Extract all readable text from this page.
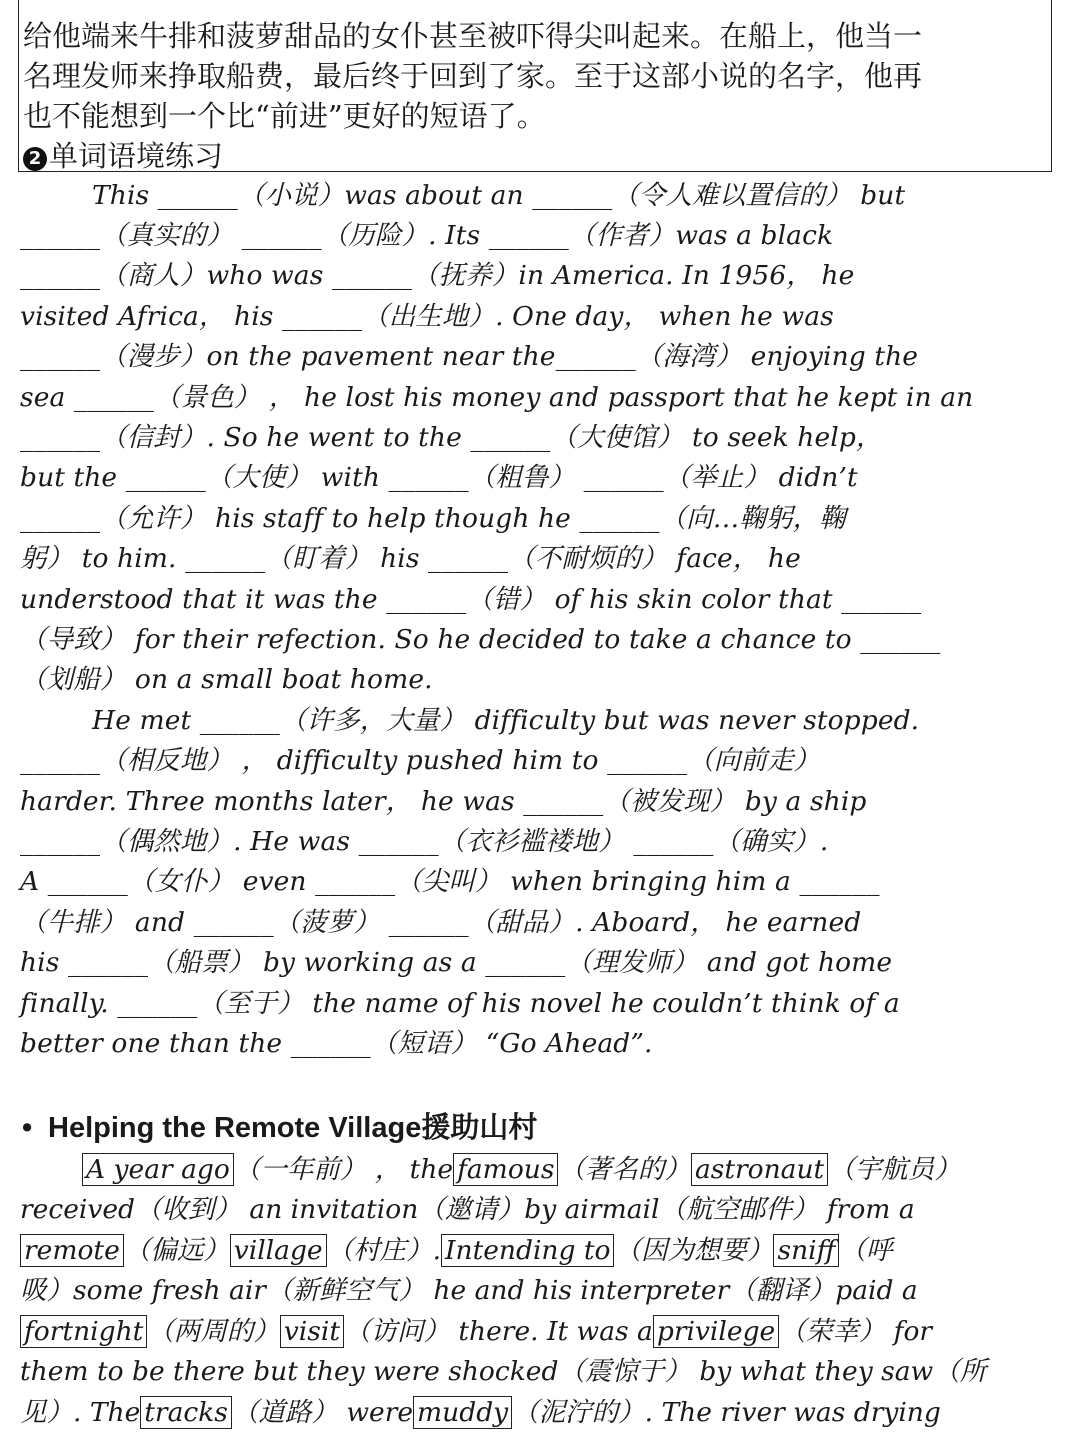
给他端来牛排和菠萝甜品的女仆甚至被吓得尖叫起来。在船上，他当一
名理发师来挣取船费，最后终于回到了家。至于这部小说的名字，他再
也不能想到一个比“前进”更好的短语了。
2 单词语境练习
This ______（小说）was about an ______（令人难以置信的） but
______（真实的） ______（历险）. Its ______（作者）was a black
______（商人）who was ______（抚养）in America. In 1956， he
visited Africa， his ______（出生地）. One day， when he was
______（漫步）on the pavement near the______（海湾） enjoying the
sea ______（景色） ， he lost his money and passport that he kept in an
______（信封）. So he went to the ______（大使馆） to seek help，
but the ______（大使） with ______（粗鲁） ______（举止） didn’t
______（允许） his staff to help though he ______（向…鞠躬，鞠
躬） to him. ______（盯着） his ______（不耐烦的） face， he
understood that it was the ______（错） of his skin color that ______
（导致） for their refection. So he decided to take a chance to ______
（划船） on a small boat home.
He met ______（许多，大量） difficulty but was never stopped.
______（相反地） ， difficulty pushed him to ______（向前走）
harder. Three months later， he was ______（被发现） by a ship
______（偶然地）. He was ______（衣衫褴褛地） ______（确实）.
A ______（女仆） even ______（尖叫） when bringing him a ______
（牛排） and ______（菠萝） ______（甜品）. Aboard， he earned
his ______（船票） by working as a ______（理发师） and got home
finally. ______（至于） the name of his novel he couldn’t think of a
better one than the ______（短语） “Go Ahead”.
• Helping the Remote Village援助山村
A year ago （一年前） ， the famous （著名的） astronaut （宇航员）
received（收到） an invitation（邀请）by airmail（航空邮件） from a
remote （偏远） village （村庄）. Intending to （因为想要） sniff （呼
吸）some fresh air（新鲜空气） he and his interpreter（翻译）paid a
fortnight （两周的） visit （访问） there. It was a privilege （荣幸） for
them to be there but they were shocked（震惊于） by what they saw（所
见）. The tracks （道路） were muddy （泥泞的）. The river was drying
